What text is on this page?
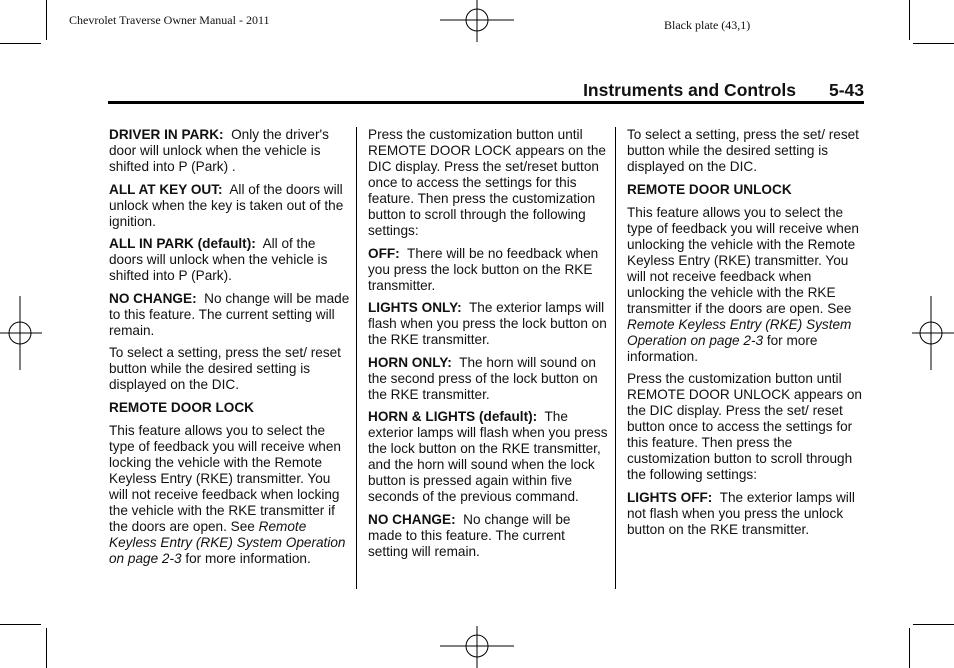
Chevrolet Traverse Owner Manual - 2011	Black plate (43,1)
Instruments and Controls 5-43

DRIVER IN PARK: Only the driver's door will unlock when the vehicle is shifted into P (Park) .

ALL AT KEY OUT: All of the doors will unlock when the key is taken out of the ignition.

ALL IN PARK (default): All of the doors will unlock when the vehicle is shifted into P (Park).

NO CHANGE: No change will be made to this feature. The current setting will remain.

To select a setting, press the set/ reset button while the desired setting is displayed on the DIC.

REMOTE DOOR LOCK

This feature allows you to select the type of feedback you will receive when locking the vehicle with the Remote Keyless Entry (RKE) transmitter. You will not receive feedback when locking the vehicle with the RKE transmitter if the doors are open. See Remote Keyless Entry (RKE) System Operation on page 2-3 for more information.

Press the customization button until REMOTE DOOR LOCK appears on the DIC display. Press the set/reset button once to access the settings for this feature. Then press the customization button to scroll through the following settings:

OFF: There will be no feedback when you press the lock button on the RKE transmitter.

LIGHTS ONLY: The exterior lamps will flash when you press the lock button on the RKE transmitter.

HORN ONLY: The horn will sound on the second press of the lock button on the RKE transmitter.

HORN & LIGHTS (default): The exterior lamps will flash when you press the lock button on the RKE transmitter, and the horn will sound when the lock button is pressed again within five seconds of the previous command.

NO CHANGE: No change will be made to this feature. The current setting will remain.

To select a setting, press the set/ reset button while the desired setting is displayed on the DIC.

REMOTE DOOR UNLOCK

This feature allows you to select the type of feedback you will receive when unlocking the vehicle with the Remote Keyless Entry (RKE) transmitter. You will not receive feedback when unlocking the vehicle with the RKE transmitter if the doors are open. See Remote Keyless Entry (RKE) System Operation on page 2-3 for more information.

Press the customization button until REMOTE DOOR UNLOCK appears on the DIC display. Press the set/ reset button once to access the settings for this feature. Then press the customization button to scroll through the following settings:

LIGHTS OFF: The exterior lamps will not flash when you press the unlock button on the RKE transmitter.
